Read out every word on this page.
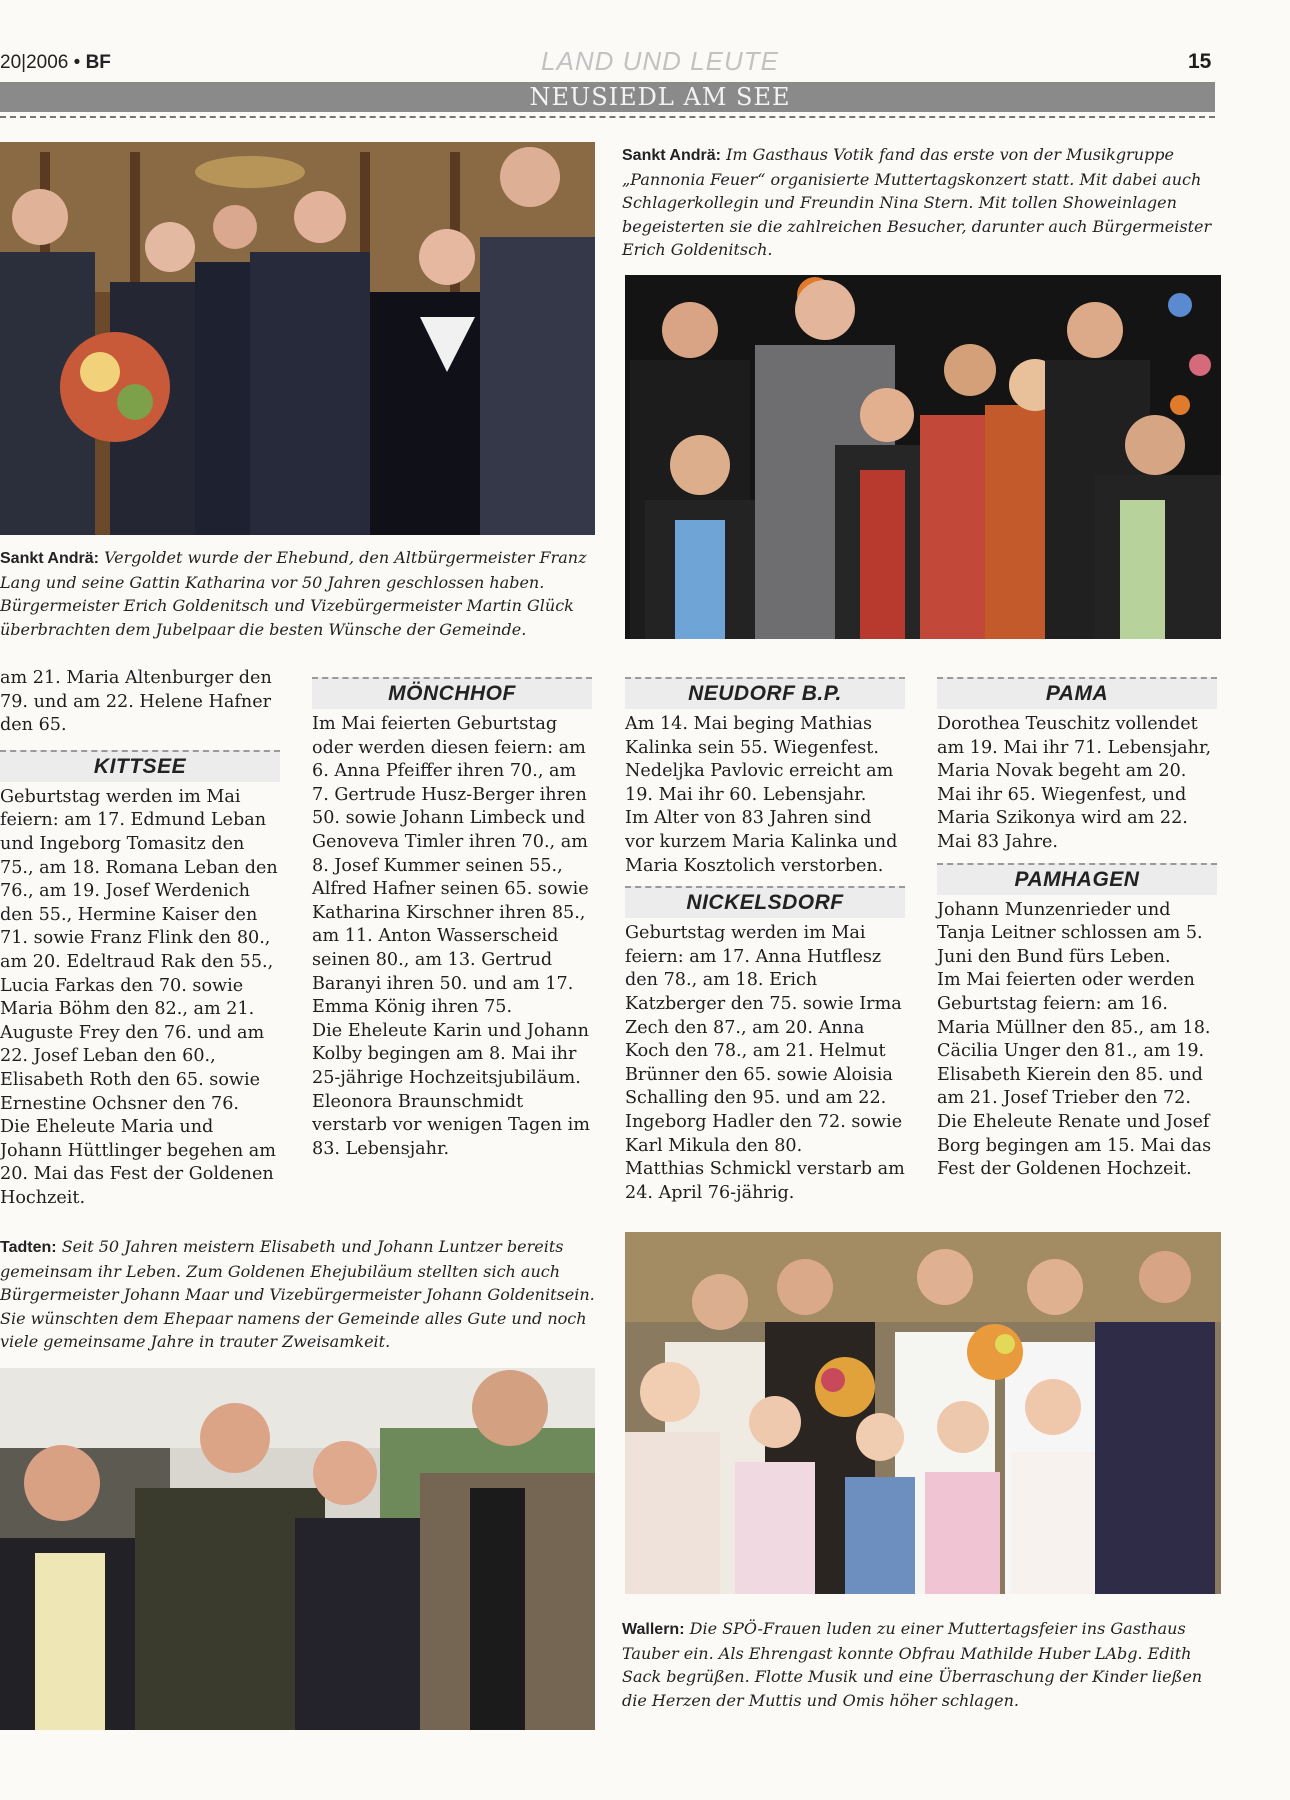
20|2006 • BF	LAND UND LEUTE	15
NEUSIEDL AM SEE

Sankt Andrä: Im Gasthaus Votik fand das erste von der Musikgruppe „Pannonia Feuer“ organisierte Muttertagskonzert statt. Mit dabei auch Schlagerkollegin und Freundin Nina Stern. Mit tollen Showeinlagen begeisterten sie die zahlreichen Besucher, darunter auch Bürgermeister Erich Goldenitsch.

Sankt Andrä: Vergoldet wurde der Ehebund, den Altbürgermeister Franz Lang und seine Gattin Katharina vor 50 Jahren geschlossen haben. Bürgermeister Erich Goldenitsch und Vizebürgermeister Martin Glück überbrachten dem Jubelpaar die besten Wünsche der Gemeinde.

am 21. Maria Altenburger den 79. und am 22. Helene Hafner den 65.

KITTSEE

Geburtstag werden im Mai feiern: am 17. Edmund Leban und Ingeborg Tomasitz den 75., am 18. Romana Leban den 76., am 19. Josef Werdenich den 55., Hermine Kaiser den 71. sowie Franz Flink den 80., am 20. Edeltraud Rak den 55., Lucia Farkas den 70. sowie Maria Böhm den 82., am 21. Auguste Frey den 76. und am 22. Josef Leban den 60., Elisabeth Roth den 65. sowie Ernestine Ochsner den 76.

Die Eheleute Maria und Johann Hüttlinger begehen am 20. Mai das Fest der Goldenen Hochzeit.

MÖNCHHOF

Im Mai feierten Geburtstag oder werden diesen feiern: am 6. Anna Pfeiffer ihren 70., am 7. Gertrude Husz-Berger ihren 50. sowie Johann Limbeck und Genoveva Timler ihren 70., am 8. Josef Kummer seinen 55., Alfred Hafner seinen 65. sowie Katharina Kirschner ihren 85., am 11. Anton Wasserscheid seinen 80., am 13. Gertrud Baranyi ihren 50. und am 17. Emma König ihren 75.

Die Eheleute Karin und Johann Kolby begingen am 8. Mai ihr 25-jährige Hochzeitsjubiläum.

Eleonora Braunschmidt verstarb vor wenigen Tagen im 83. Lebensjahr.

NEUDORF B.P.

Am 14. Mai beging Mathias Kalinka sein 55. Wiegenfest. Nedeljka Pavlovic erreicht am 19. Mai ihr 60. Lebensjahr.

Im Alter von 83 Jahren sind vor kurzem Maria Kalinka und Maria Kosztolich verstorben.

NICKELSDORF

Geburtstag werden im Mai feiern: am 17. Anna Hutflesz den 78., am 18. Erich Katzberger den 75. sowie Irma Zech den 87., am 20. Anna Koch den 78., am 21. Helmut Brünner den 65. sowie Aloisia Schalling den 95. und am 22. Ingeborg Hadler den 72. sowie Karl Mikula den 80.

Matthias Schmickl verstarb am 24. April 76-jährig.

PAMA

Dorothea Teuschitz vollendet am 19. Mai ihr 71. Lebensjahr, Maria Novak begeht am 20. Mai ihr 65. Wiegenfest, und Maria Szikonya wird am 22. Mai 83 Jahre.

PAMHAGEN

Johann Munzenrieder und Tanja Leitner schlossen am 5. Juni den Bund fürs Leben.

Im Mai feierten oder werden Geburtstag feiern: am 16. Maria Müllner den 85., am 18. Cäcilia Unger den 81., am 19. Elisabeth Kierein den 85. und am 21. Josef Trieber den 72.

Die Eheleute Renate und Josef Borg begingen am 15. Mai das Fest der Goldenen Hochzeit.

Tadten: Seit 50 Jahren meistern Elisabeth und Johann Luntzer bereits gemeinsam ihr Leben. Zum Goldenen Ehejubiläum stellten sich auch Bürgermeister Johann Maar und Vizebürgermeister Johann Goldenitsein. Sie wünschten dem Ehepaar namens der Gemeinde alles Gute und noch viele gemeinsame Jahre in trauter Zweisamkeit.

Wallern: Die SPÖ-Frauen luden zu einer Muttertagsfeier ins Gasthaus Tauber ein. Als Ehrengast konnte Obfrau Mathilde Huber LAbg. Edith Sack begrüßen. Flotte Musik und eine Überraschung der Kinder ließen die Herzen der Muttis und Omis höher schlagen.
